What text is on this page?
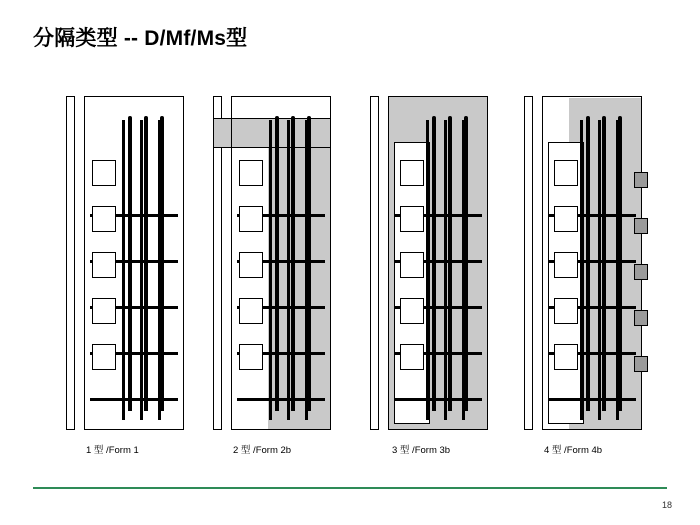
分隔类型 -- D/Mf/Ms型
1 型 /Form 1	2 型 /Form 2b	3 型 /Form 3b	4 型 /Form 4b
18
